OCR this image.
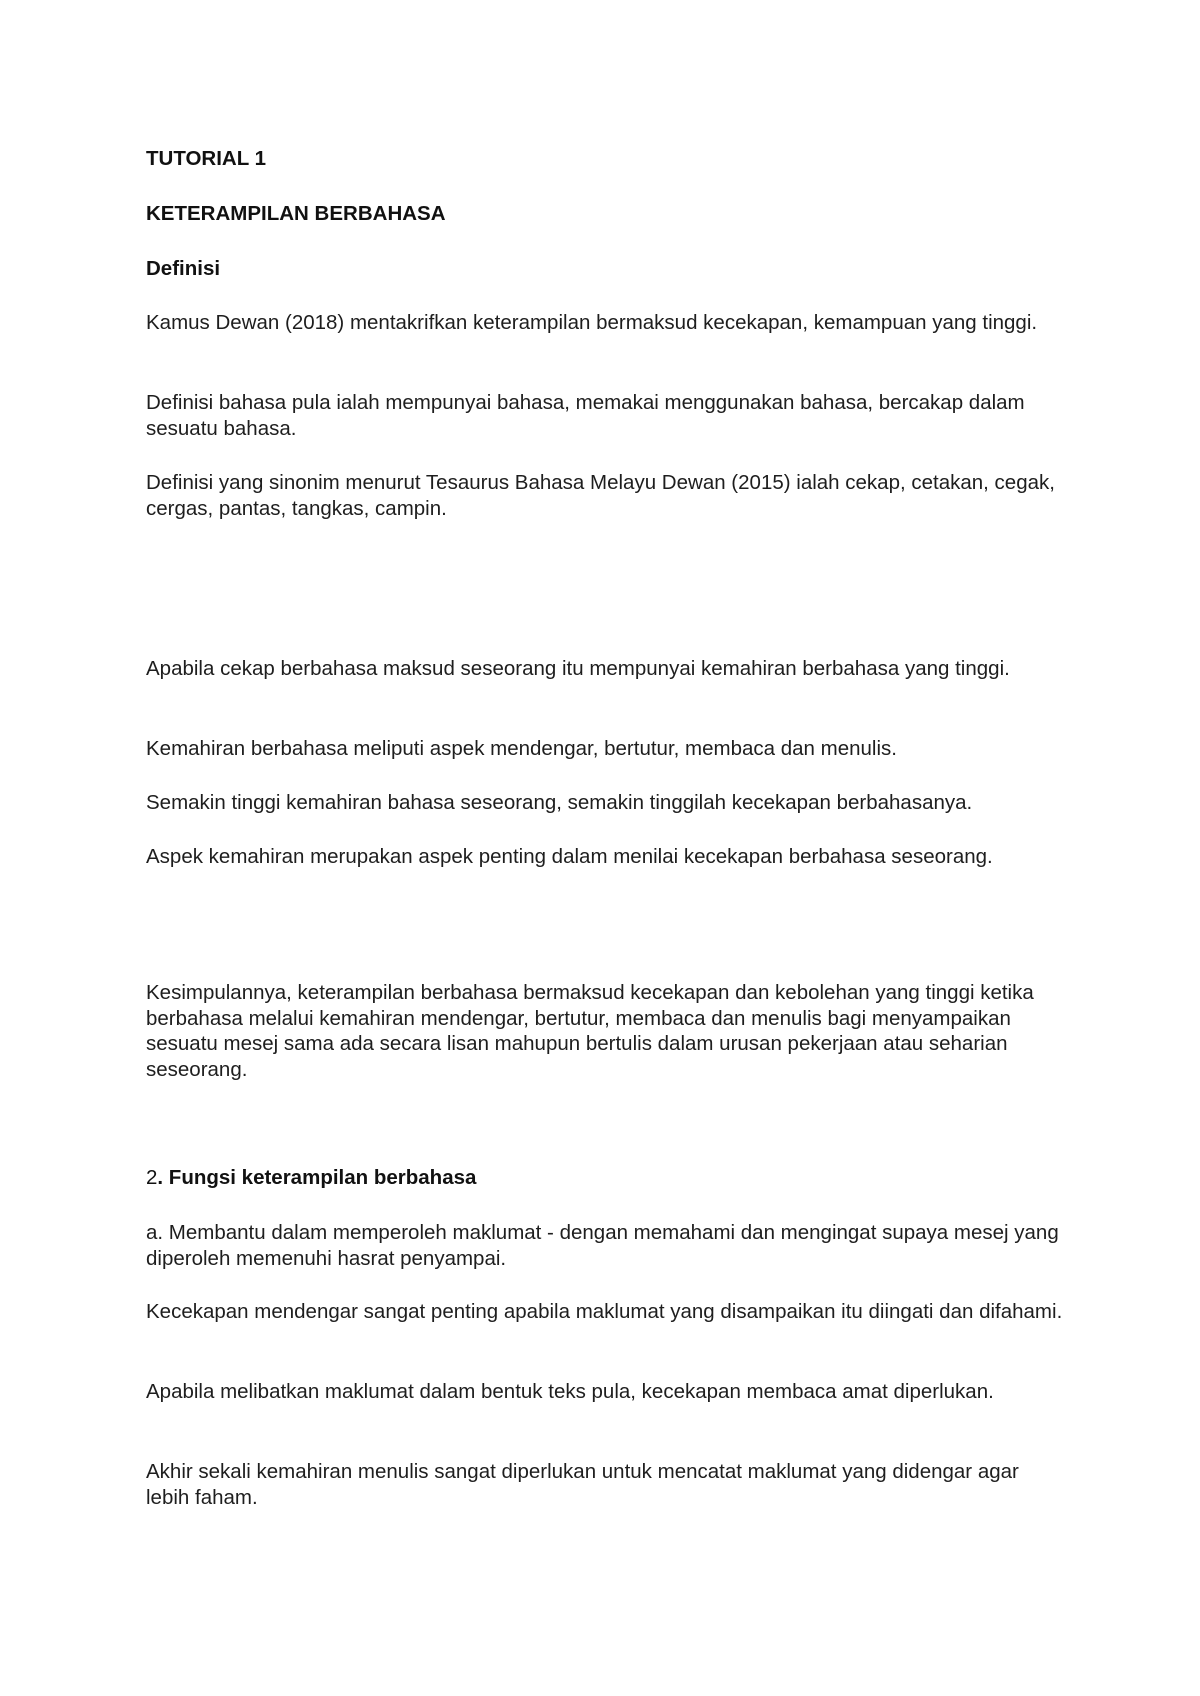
TUTORIAL 1

KETERAMPILAN BERBAHASA

Definisi

Kamus Dewan (2018) mentakrifkan keterampilan bermaksud kecekapan, kemampuan yang tinggi.

Definisi bahasa pula ialah mempunyai bahasa, memakai menggunakan bahasa, bercakap dalam sesuatu bahasa.

Definisi yang sinonim menurut Tesaurus Bahasa Melayu Dewan (2015) ialah cekap, cetakan, cegak, cergas, pantas, tangkas, campin.

Apabila cekap berbahasa maksud seseorang itu mempunyai kemahiran berbahasa yang tinggi.

Kemahiran berbahasa meliputi aspek mendengar, bertutur, membaca dan menulis.

Semakin tinggi kemahiran bahasa seseorang, semakin tinggilah kecekapan berbahasanya.

Aspek kemahiran merupakan aspek penting dalam menilai kecekapan berbahasa seseorang.

Kesimpulannya, keterampilan berbahasa bermaksud kecekapan dan kebolehan yang tinggi ketika berbahasa melalui kemahiran mendengar, bertutur, membaca dan menulis bagi menyampaikan sesuatu mesej sama ada secara lisan mahupun bertulis dalam urusan pekerjaan atau seharian seseorang.

2. Fungsi keterampilan berbahasa

a. Membantu dalam memperoleh maklumat - dengan memahami dan mengingat supaya mesej yang diperoleh memenuhi hasrat penyampai.

Kecekapan mendengar sangat penting apabila maklumat yang disampaikan itu diingati dan difahami.

Apabila melibatkan maklumat dalam bentuk teks pula, kecekapan membaca amat diperlukan.

Akhir sekali kemahiran menulis sangat diperlukan untuk mencatat maklumat yang didengar agar lebih faham.
